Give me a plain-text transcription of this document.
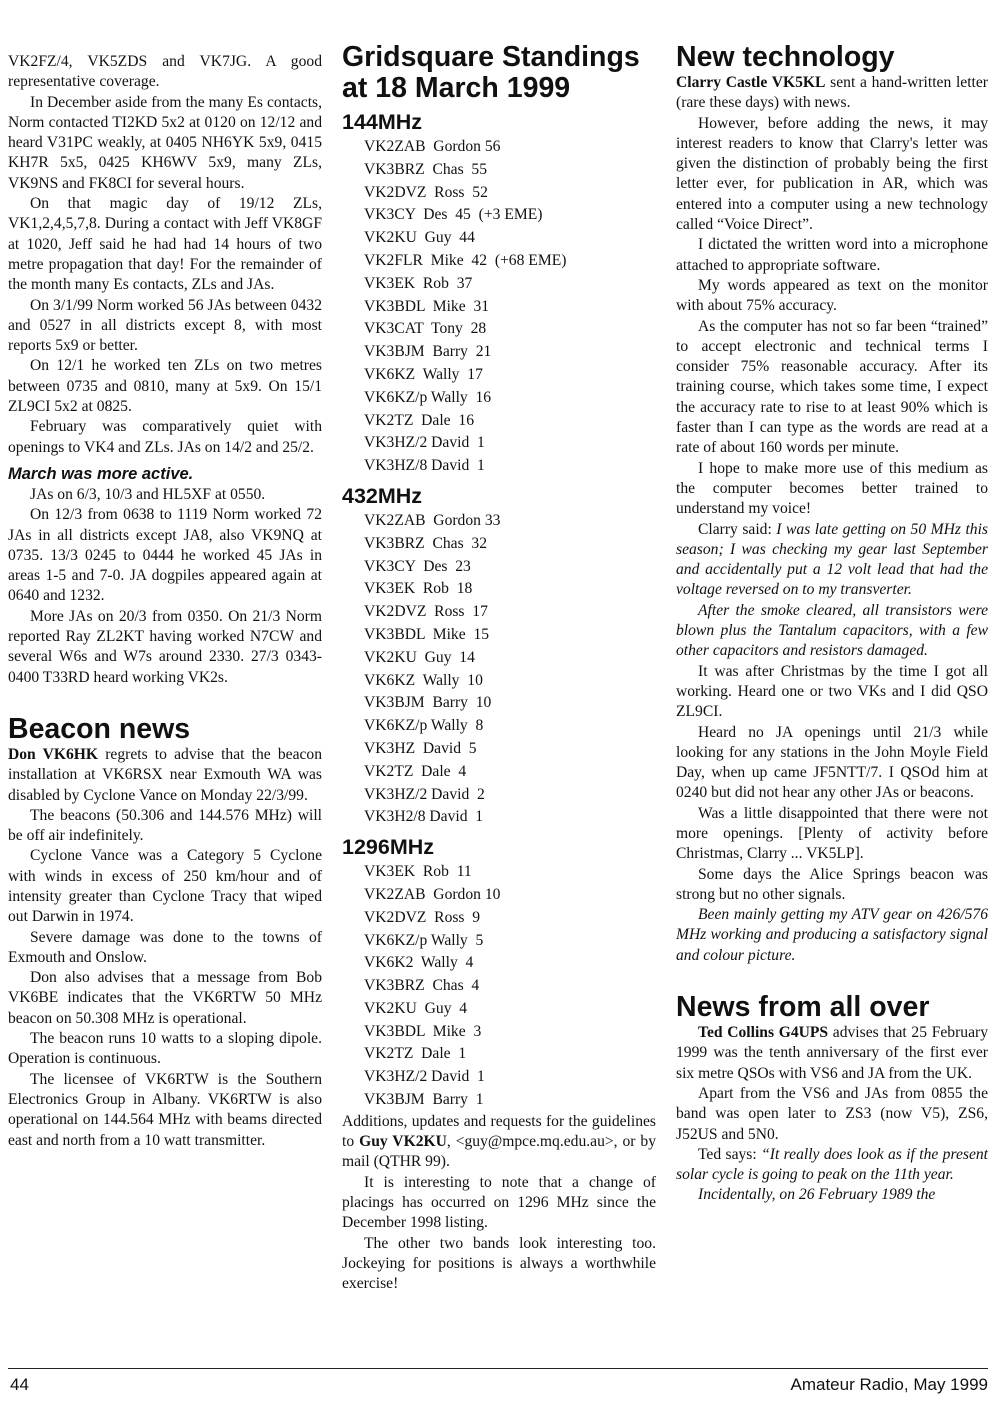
VK2FZ/4, VK5ZDS and VK7JG. A good representative coverage.

In December aside from the many Es contacts, Norm contacted TI2KD 5x2 at 0120 on 12/12 and heard V31PC weakly, at 0405 NH6YK 5x9, 0415 KH7R 5x5, 0425 KH6WV 5x9, many ZLs, VK9NS and FK8CI for several hours.

On that magic day of 19/12 ZLs, VK1,2,4,5,7,8. During a contact with Jeff VK8GF at 1020, Jeff said he had had 14 hours of two metre propagation that day! For the remainder of the month many Es contacts, ZLs and JAs.

On 3/1/99 Norm worked 56 JAs between 0432 and 0527 in all districts except 8, with most reports 5x9 or better.

On 12/1 he worked ten ZLs on two metres between 0735 and 0810, many at 5x9. On 15/1 ZL9CI 5x2 at 0825.

February was comparatively quiet with openings to VK4 and ZLs. JAs on 14/2 and 25/2.

March was more active.

JAs on 6/3, 10/3 and HL5XF at 0550.

On 12/3 from 0638 to 1119 Norm worked 72 JAs in all districts except JA8, also VK9NQ at 0735. 13/3 0245 to 0444 he worked 45 JAs in areas 1-5 and 7-0. JA dogpiles appeared again at 0640 and 1232.

More JAs on 20/3 from 0350. On 21/3 Norm reported Ray ZL2KT having worked N7CW and several W6s and W7s around 2330. 27/3 0343-0400 T33RD heard working VK2s.

Beacon news

Don VK6HK regrets to advise that the beacon installation at VK6RSX near Exmouth WA was disabled by Cyclone Vance on Monday 22/3/99.

The beacons (50.306 and 144.576 MHz) will be off air indefinitely.

Cyclone Vance was a Category 5 Cyclone with winds in excess of 250 km/hour and of intensity greater than Cyclone Tracy that wiped out Darwin in 1974.

Severe damage was done to the towns of Exmouth and Onslow.

Don also advises that a message from Bob VK6BE indicates that the VK6RTW 50 MHz beacon on 50.308 MHz is operational.

The beacon runs 10 watts to a sloping dipole. Operation is continuous.

The licensee of VK6RTW is the Southern Electronics Group in Albany. VK6RTW is also operational on 144.564 MHz with beams directed east and north from a 10 watt transmitter.

Gridsquare Standings at 18 March 1999
144MHz
VK2ZAB  Gordon 56
VK3BRZ  Chas  55
VK2DVZ  Ross  52
VK3CY  Des  45  (+3 EME)
VK2KU  Guy  44
VK2FLR  Mike  42  (+68 EME)
VK3EK  Rob  37
VK3BDL  Mike  31
VK3CAT  Tony  28
VK3BJM  Barry  21
VK6KZ  Wally  17
VK6KZ/p Wally  16
VK2TZ  Dale  16
VK3HZ/2 David  1
VK3HZ/8 David  1
432MHz
VK2ZAB  Gordon 33
VK3BRZ  Chas  32
VK3CY  Des  23
VK3EK  Rob  18
VK2DVZ  Ross  17
VK3BDL  Mike  15
VK2KU  Guy  14
VK6KZ  Wally  10
VK3BJM  Barry  10
VK6KZ/p Wally  8
VK3HZ  David  5
VK2TZ  Dale  4
VK3HZ/2 David  2
VK3H2/8 David  1
1296MHz
VK3EK  Rob  11
VK2ZAB  Gordon 10
VK2DVZ  Ross  9
VK6KZ/p Wally  5
VK6K2  Wally  4
VK3BRZ  Chas  4
VK2KU  Guy  4
VK3BDL  Mike  3
VK2TZ  Dale  1
VK3HZ/2 David  1
VK3BJM  Barry  1

Additions, updates and requests for the guidelines to Guy VK2KU, <guy@mpce.mq.edu.au>, or by mail (QTHR 99).

It is interesting to note that a change of placings has occurred on 1296 MHz since the December 1998 listing.

The other two bands look interesting too. Jockeying for positions is always a worthwhile exercise!

New technology

Clarry Castle VK5KL sent a hand-written letter (rare these days) with news.

However, before adding the news, it may interest readers to know that Clarry's letter was given the distinction of probably being the first letter ever, for publication in AR, which was entered into a computer using a new technology called “Voice Direct”.

I dictated the written word into a microphone attached to appropriate software.

My words appeared as text on the monitor with about 75% accuracy.

As the computer has not so far been “trained” to accept electronic and technical terms I consider 75% reasonable accuracy. After its training course, which takes some time, I expect the accuracy rate to rise to at least 90% which is faster than I can type as the words are read at a rate of about 160 words per minute.

I hope to make more use of this medium as the computer becomes better trained to understand my voice!

Clarry said: I was late getting on 50 MHz this season; I was checking my gear last September and accidentally put a 12 volt lead that had the voltage reversed on to my transverter.

After the smoke cleared, all transistors were blown plus the Tantalum capacitors, with a few other capacitors and resistors damaged.

It was after Christmas by the time I got all working. Heard one or two VKs and I did QSO ZL9CI.

Heard no JA openings until 21/3 while looking for any stations in the John Moyle Field Day, when up came JF5NTT/7. I QSOd him at 0240 but did not hear any other JAs or beacons.

Was a little disappointed that there were not more openings. [Plenty of activity before Christmas, Clarry ... VK5LP].

Some days the Alice Springs beacon was strong but no other signals.

Been mainly getting my ATV gear on 426/576 MHz working and producing a satisfactory signal and colour picture.

News from all over

Ted Collins G4UPS advises that 25 February 1999 was the tenth anniversary of the first ever six metre QSOs with VS6 and JA from the UK.

Apart from the VS6 and JAs from 0855 the band was open later to ZS3 (now V5), ZS6, J52US and 5N0.

Ted says: “It really does look as if the present solar cycle is going to peak on the 11th year.

Incidentally, on 26 February 1989 the

44	Amateur Radio, May 1999
